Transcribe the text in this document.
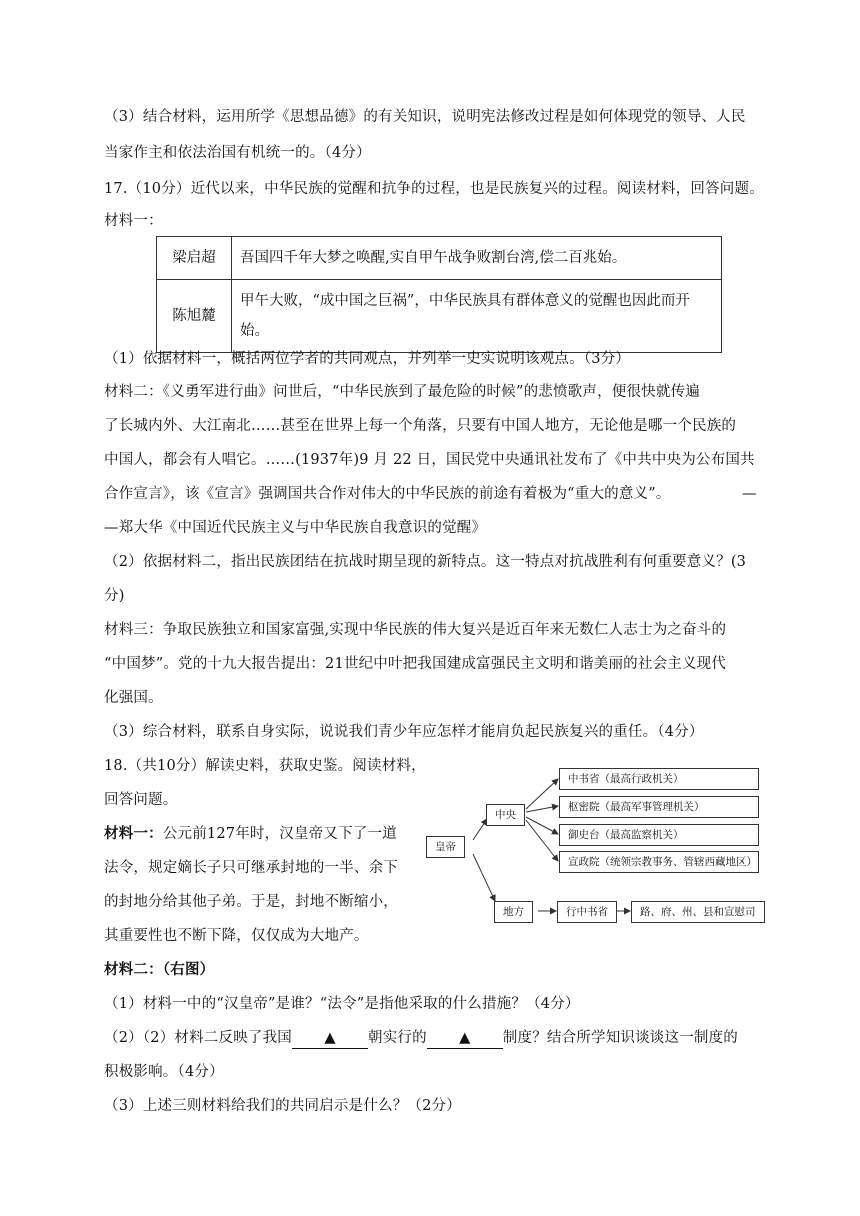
（3）结合材料，运用所学《思想品德》的有关知识，说明宪法修改过程是如何体现党的领导、人民
当家作主和依法治国有机统一的。（4分）
17.（10分）近代以来，中华民族的觉醒和抗争的过程，也是民族复兴的过程。阅读材料，回答问题。
材料一：
梁启超	吾国四千年大梦之唤醒,实自甲午战争败割台湾,偿二百兆始。
陈旭麓	甲午大败，“成中国之巨祸”，中华民族具有群体意义的觉醒也因此而开
始。
（1）依据材料一，概括两位学者的共同观点，并列举一史实说明该观点。（3分）
材料二：《义勇军进行曲》问世后，“中华民族到了最危险的时候”的悲愤歌声，便很快就传遍
了长城内外、大江南北……甚至在世界上每一个角落，只要有中国人地方，无论他是哪一个民族的
中国人，都会有人唱它。……(1937年)9 月 22 日，国民党中央通讯社发布了《中共中央为公布国共
合作宣言》，该《宣言》强调国共合作对伟大的中华民族的前途有着极为“重大的意义”。	—
—郑大华《中国近代民族主义与中华民族自我意识的觉醒》
（2）依据材料二，指出民族团结在抗战时期呈现的新特点。这一特点对抗战胜利有何重要意义？(3
分)
材料三：争取民族独立和国家富强,实现中华民族的伟大复兴是近百年来无数仁人志士为之奋斗的
“中国梦”。党的十九大报告提出：21世纪中叶把我国建成富强民主文明和谐美丽的社会主义现代
化强国。
（3）综合材料，联系自身实际，说说我们青少年应怎样才能肩负起民族复兴的重任。（4分）
18.（共10分）解读史料，获取史鉴。阅读材料，
回答问题。
材料一：公元前127年时，汉皇帝又下了一道
法令，规定嫡长子只可继承封地的一半、余下
的封地分给其他子弟。于是，封地不断缩小，
其重要性也不断下降，仅仅成为大地产。
皇帝
中央
地方
中书省（最高行政机关）
枢密院（最高军事管理机关）
御史台（最高监察机关）
宣政院（统领宗教事务、管辖西藏地区）
行中书省	路、府、州、县和宣慰司
材料二：（右图）
（1）材料一中的“汉皇帝”是谁？“法令”是指他采取的什么措施？（4分）
（2）（2）材料二反映了我国 ▲ 朝实行的 ▲ 制度？结合所学知识谈谈这一制度的
积极影响。（4分）
（3）上述三则材料给我们的共同启示是什么？（2分）
